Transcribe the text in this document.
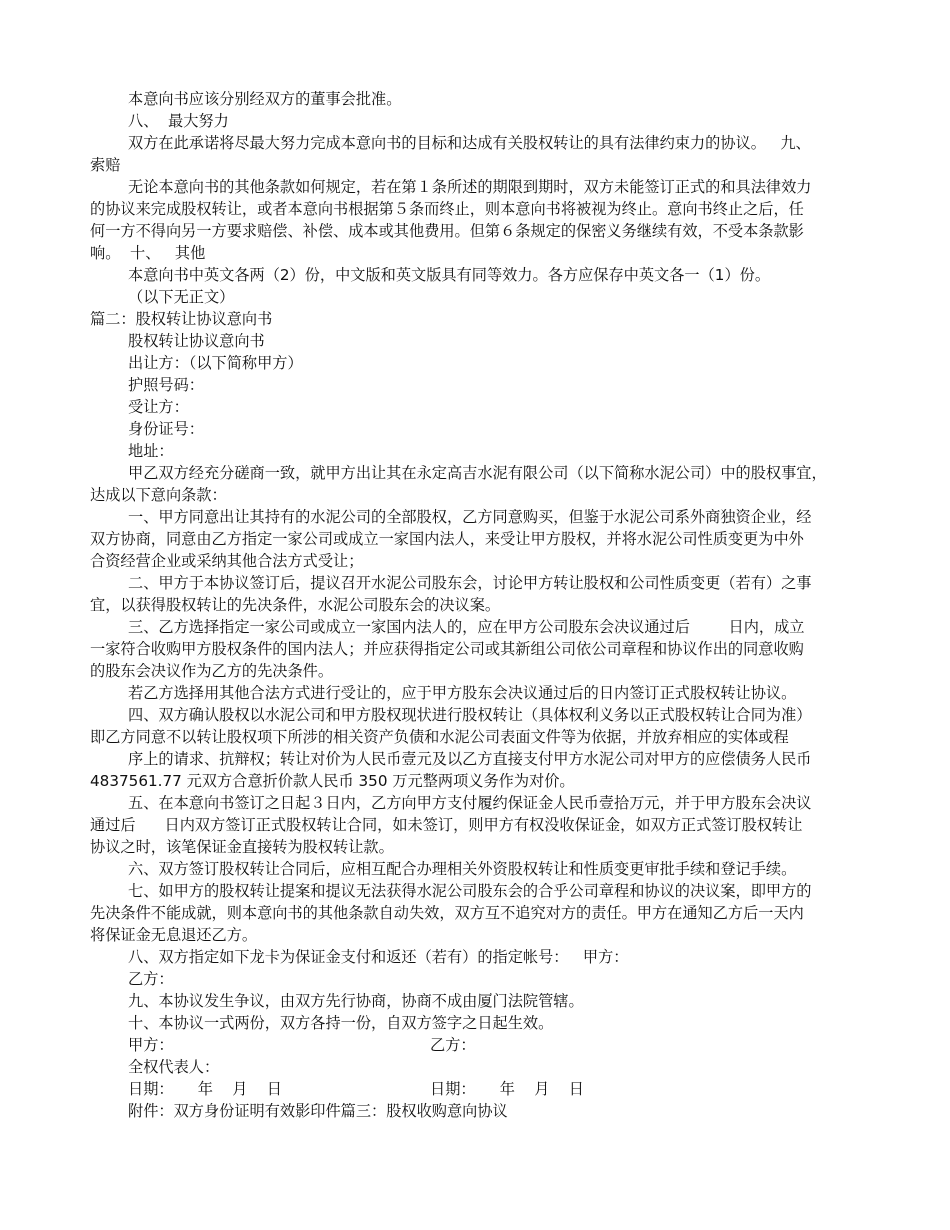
本意向书应该分别经双方的董事会批准。
八、  最大努力
双方在此承诺将尽最大努力完成本意向书的目标和达成有关股权转让的具有法律约束力的协议。   九、
索赔
无论本意向书的其他条款如何规定，若在第１条所述的期限到期时，双方未能签订正式的和具法律效力
的协议来完成股权转让，或者本意向书根据第５条而终止，则本意向书将被视为终止。意向书终止之后，任
何一方不得向另一方要求赔偿、补偿、成本或其他费用。但第６条规定的保密义务继续有效，不受本条款影
响。  十、   其他
本意向书中英文各两（2）份，中文版和英文版具有同等效力。各方应保存中英文各一（1）份。
（以下无正文）
篇二：股权转让协议意向书
股权转让协议意向书
出让方：（以下简称甲方）
护照号码：
受让方：
身份证号：
地址：
甲乙双方经充分磋商一致，就甲方出让其在永定高吉水泥有限公司（以下简称水泥公司）中的股权事宜，
达成以下意向条款：
一、甲方同意出让其持有的水泥公司的全部股权，乙方同意购买，但鉴于水泥公司系外商独资企业，经
双方协商，同意由乙方指定一家公司或成立一家国内法人，来受让甲方股权，并将水泥公司性质变更为中外
合资经营企业或采纳其他合法方式受让；
二、甲方于本协议签订后，提议召开水泥公司股东会，讨论甲方转让股权和公司性质变更（若有）之事
宜，以获得股权转让的先决条件，水泥公司股东会的决议案。
三、乙方选择指定一家公司或成立一家国内法人的，应在甲方公司股东会决议通过后        日内，成立
一家符合收购甲方股权条件的国内法人；并应获得指定公司或其新组公司依公司章程和协议作出的同意收购
的股东会决议作为乙方的先决条件。
若乙方选择用其他合法方式进行受让的，应于甲方股东会决议通过后的日内签订正式股权转让协议。
四、双方确认股权以水泥公司和甲方股权现状进行股权转让（具体权利义务以正式股权转让合同为准）
即乙方同意不以转让股权项下所涉的相关资产负债和水泥公司表面文件等为依据，并放弃相应的实体或程
序上的请求、抗辩权；转让对价为人民币壹元及以乙方直接支付甲方水泥公司对甲方的应偿债务人民币
4837561.77 元双方合意折价款人民币 350 万元整两项义务作为对价。
五、在本意向书签订之日起３日内，乙方向甲方支付履约保证金人民币壹拾万元，并于甲方股东会决议
通过后      日内双方签订正式股权转让合同，如未签订，则甲方有权没收保证金，如双方正式签订股权转让
协议之时，该笔保证金直接转为股权转让款。
六、双方签订股权转让合同后，应相互配合办理相关外资股权转让和性质变更审批手续和登记手续。
七、如甲方的股权转让提案和提议无法获得水泥公司股东会的合乎公司章程和协议的决议案，即甲方的
先决条件不能成就，则本意向书的其他条款自动失效，双方互不追究对方的责任。甲方在通知乙方后一天内
将保证金无息退还乙方。
八、双方指定如下龙卡为保证金支付和返还（若有）的指定帐号：   甲方：
乙方：
九、本协议发生争议，由双方先行协商，协商不成由厦门法院管辖。
十、本协议一式两份，双方各持一份，自双方签字之日起生效。
甲方：	乙方：
全权代表人：
日期：     年    月    日	日期：     年    月    日
附件：双方身份证明有效影印件篇三：股权收购意向协议
